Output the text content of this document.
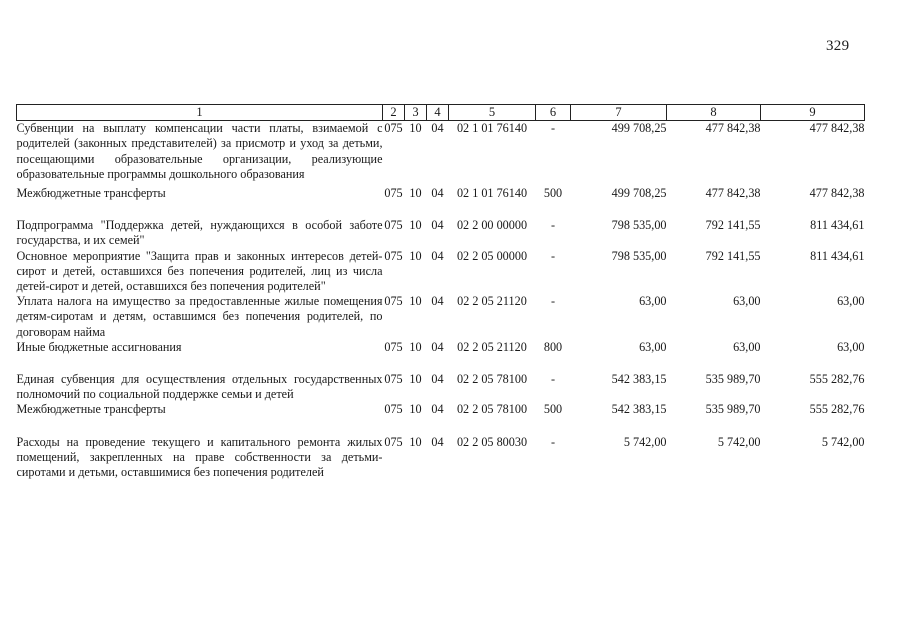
329
1	2	3	4	5	6	7	8	9
Субвенции на выплату компенсации части платы, взимаемой с родителей (законных представителей) за присмотр и уход за детьми, посещающими образовательные организации, реализующие образовательные программы дошкольного образования	075	10	04	02 1 01 76140	-	499 708,25	477 842,38	477 842,38

Межбюджетные трансферты	075	10	04	02 1 01 76140	500	499 708,25	477 842,38	477 842,38

Подпрограмма "Поддержка детей, нуждающихся в особой заботе государства, и их семей"	075	10	04	02 2 00 00000	-	798 535,00	792 141,55	811 434,61
Основное мероприятие "Защита прав и законных интересов детей-сирот и детей, оставшихся без попечения родителей, лиц из числа детей-сирот и детей, оставшихся без попечения родителей"	075	10	04	02 2 05 00000	-	798 535,00	792 141,55	811 434,61
Уплата налога на имущество за предоставленные жилые помещения детям-сиротам и детям, оставшимся без попечения родителей, по договорам найма	075	10	04	02 2 05 21120	-	63,00	63,00	63,00
Иные бюджетные ассигнования	075	10	04	02 2 05 21120	800	63,00	63,00	63,00

Единая субвенция для осуществления отдельных государственных полномочий по социальной поддержке семьи и детей	075	10	04	02 2 05 78100	-	542 383,15	535 989,70	555 282,76
Межбюджетные трансферты	075	10	04	02 2 05 78100	500	542 383,15	535 989,70	555 282,76

Расходы на проведение текущего и капитального ремонта жилых помещений, закрепленных на праве собственности за детьми-сиротами и детьми, оставшимися без попечения родителей	075	10	04	02 2 05 80030	-	5 742,00	5 742,00	5 742,00
